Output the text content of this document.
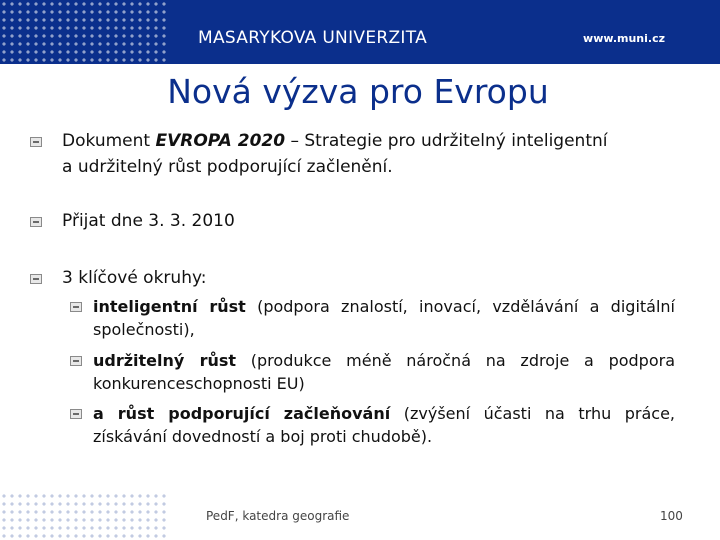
MASARYKOVA UNIVERZITA	www.muni.cz
Nová výzva pro Evropu
Dokument EVROPA 2020 – Strategie pro udržitelný inteligentní
a udržitelný růst podporující začlenění.
Přijat dne 3. 3. 2010
3 klíčové okruhy:
inteligentní růst (podpora znalostí, inovací, vzdělávání a digitální společnosti),
udržitelný růst (produkce méně náročná na zdroje a podpora konkurenceschopnosti EU)
a růst podporující začleňování (zvýšení účasti na trhu práce, získávání dovedností a boj proti chudobě).
PedF, katedra geografie	100
